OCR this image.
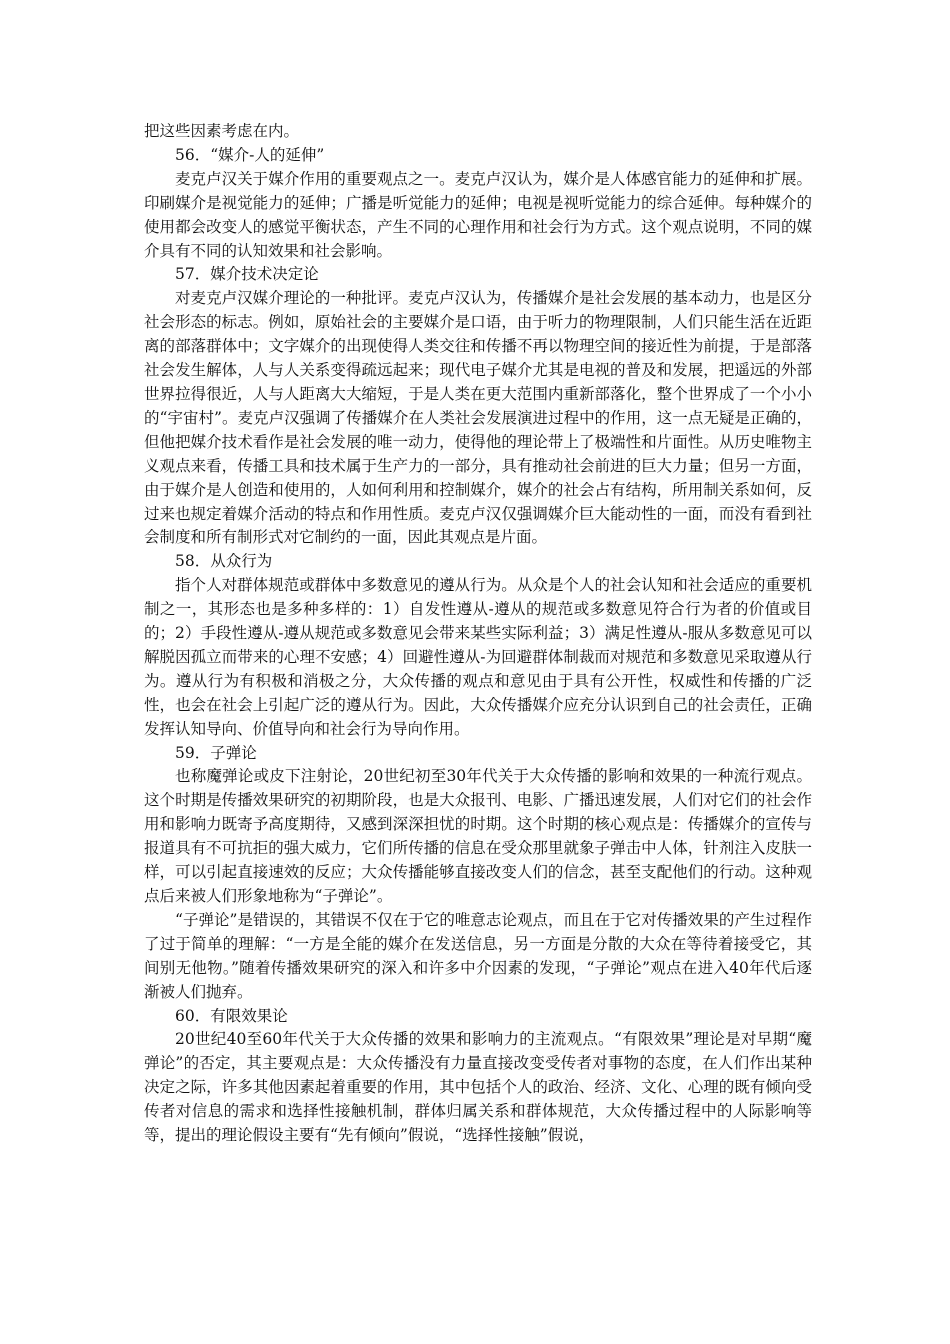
把这些因素考虑在内。

56．“媒介-人的延伸”

麦克卢汉关于媒介作用的重要观点之一。麦克卢汉认为，媒介是人体感官能力的延伸和扩展。印刷媒介是视觉能力的延伸；广播是听觉能力的延伸；电视是视听觉能力的综合延伸。每种媒介的使用都会改变人的感觉平衡状态，产生不同的心理作用和社会行为方式。这个观点说明，不同的媒介具有不同的认知效果和社会影响。

57．媒介技术决定论

对麦克卢汉媒介理论的一种批评。麦克卢汉认为，传播媒介是社会发展的基本动力，也是区分社会形态的标志。例如，原始社会的主要媒介是口语，由于听力的物理限制，人们只能生活在近距离的部落群体中；文字媒介的出现使得人类交往和传播不再以物理空间的接近性为前提，于是部落社会发生解体，人与人关系变得疏远起来；现代电子媒介尤其是电视的普及和发展，把遥远的外部世界拉得很近，人与人距离大大缩短，于是人类在更大范围内重新部落化，整个世界成了一个小小的“宇宙村”。麦克卢汉强调了传播媒介在人类社会发展演进过程中的作用，这一点无疑是正确的，但他把媒介技术看作是社会发展的唯一动力，使得他的理论带上了极端性和片面性。从历史唯物主义观点来看，传播工具和技术属于生产力的一部分，具有推动社会前进的巨大力量；但另一方面，由于媒介是人创造和使用的，人如何利用和控制媒介，媒介的社会占有结构，所用制关系如何，反过来也规定着媒介活动的特点和作用性质。麦克卢汉仅强调媒介巨大能动性的一面，而没有看到社会制度和所有制形式对它制约的一面，因此其观点是片面。

58．从众行为

指个人对群体规范或群体中多数意见的遵从行为。从众是个人的社会认知和社会适应的重要机制之一，其形态也是多种多样的：1）自发性遵从-遵从的规范或多数意见符合行为者的价值或目的；2）手段性遵从-遵从规范或多数意见会带来某些实际利益；3）满足性遵从-服从多数意见可以解脱因孤立而带来的心理不安感；4）回避性遵从-为回避群体制裁而对规范和多数意见采取遵从行为。遵从行为有积极和消极之分，大众传播的观点和意见由于具有公开性，权威性和传播的广泛性，也会在社会上引起广泛的遵从行为。因此，大众传播媒介应充分认识到自己的社会责任，正确发挥认知导向、价值导向和社会行为导向作用。

59．子弹论

也称魔弹论或皮下注射论，20世纪初至30年代关于大众传播的影响和效果的一种流行观点。这个时期是传播效果研究的初期阶段，也是大众报刊、电影、广播迅速发展，人们对它们的社会作用和影响力既寄予高度期待，又感到深深担忧的时期。这个时期的核心观点是：传播媒介的宣传与报道具有不可抗拒的强大威力，它们所传播的信息在受众那里就象子弹击中人体，针剂注入皮肤一样，可以引起直接速效的反应；大众传播能够直接改变人们的信念，甚至支配他们的行动。这种观点后来被人们形象地称为“子弹论”。

“子弹论”是错误的，其错误不仅在于它的唯意志论观点，而且在于它对传播效果的产生过程作了过于简单的理解：“一方是全能的媒介在发送信息，另一方面是分散的大众在等待着接受它，其间别无他物。”随着传播效果研究的深入和许多中介因素的发现，“子弹论”观点在进入40年代后逐渐被人们抛弃。

60．有限效果论

20世纪40至60年代关于大众传播的效果和影响力的主流观点。“有限效果”理论是对早期“魔弹论”的否定，其主要观点是：大众传播没有力量直接改变受传者对事物的态度，在人们作出某种决定之际，许多其他因素起着重要的作用，其中包括个人的政治、经济、文化、心理的既有倾向受传者对信息的需求和选择性接触机制，群体归属关系和群体规范，大众传播过程中的人际影响等等，提出的理论假设主要有“先有倾向”假说，“选择性接触”假说，
